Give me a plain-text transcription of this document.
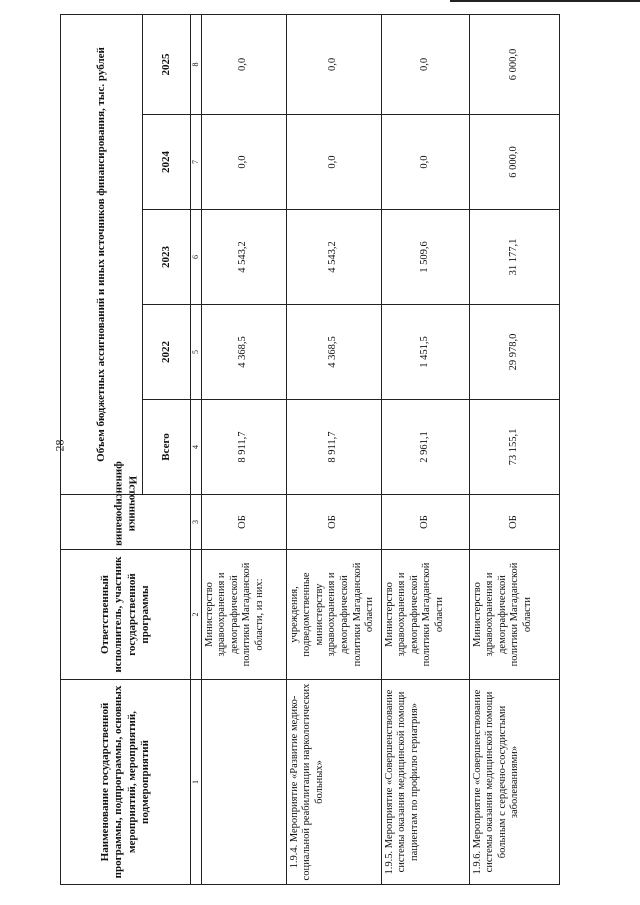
28
Наименование государственной программы, подпрограммы, основных мероприятий, мероприятий, подмероприятий	Ответственный исполнитель, участник государственной программы	Источники финансирования	Объем бюджетных ассигнований и иных источников финансирования, тыс. рублей				
			Всего	2022	2023	2024	2025
1	2	3	4	5	6	7	8
	Министерство здравоохранения и демографической политики Магаданской области, из них:	ОБ	8 911,7	4 368,5	4 543,2	0,0	0,0
1.9.4. Мероприятие «Развитие медико-социальной реабилитации наркологических больных»	учреждения, подведомственные министерству здравоохранения и демографической политики Магаданской области	ОБ	8 911,7	4 368,5	4 543,2	0,0	0,0
1.9.5. Мероприятие «Совершенствование системы оказания медицинской помощи пациентам по профилю гериатрия»	Министерство здравоохранения и демографической политики Магаданской области	ОБ	2 961,1	1 451,5	1 509,6	0,0	0,0
1.9.6. Мероприятие «Совершенствование системы оказания медицинской помощи больным с сердечно-сосудистыми заболеваниями»	Министерство здравоохранения и демографической политики Магаданской области	ОБ	73 155,1	29 978,0	31 177,1	6 000,0	6 000,0
